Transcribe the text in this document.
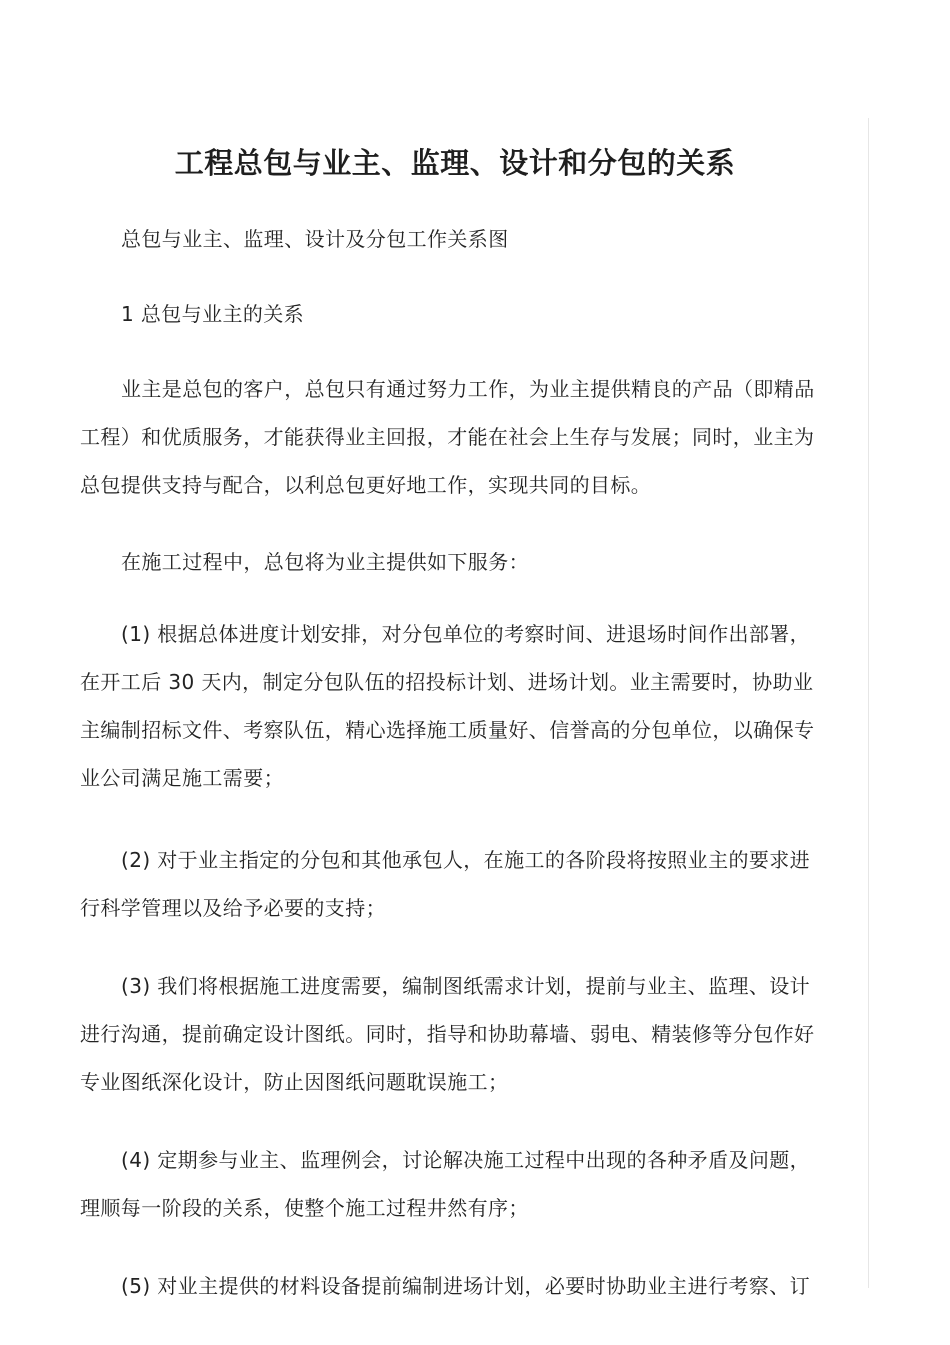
工程总包与业主、监理、设计和分包的关系

总包与业主、监理、设计及分包工作关系图

1 总包与业主的关系

业主是总包的客户，总包只有通过努力工作，为业主提供精良的产品（即精品工程）和优质服务，才能获得业主回报，才能在社会上生存与发展；同时，业主为总包提供支持与配合，以利总包更好地工作，实现共同的目标。

在施工过程中，总包将为业主提供如下服务：

(1) 根据总体进度计划安排，对分包单位的考察时间、进退场时间作出部署，在开工后 30 天内，制定分包队伍的招投标计划、进场计划。业主需要时，协助业主编制招标文件、考察队伍，精心选择施工质量好、信誉高的分包单位，以确保专业公司满足施工需要；

(2) 对于业主指定的分包和其他承包人，在施工的各阶段将按照业主的要求进行科学管理以及给予必要的支持；

(3) 我们将根据施工进度需要，编制图纸需求计划，提前与业主、监理、设计进行沟通，提前确定设计图纸。同时，指导和协助幕墙、弱电、精装修等分包作好专业图纸深化设计，防止因图纸问题耽误施工；

(4) 定期参与业主、监理例会，讨论解决施工过程中出现的各种矛盾及问题，理顺每一阶段的关系，使整个施工过程井然有序；

(5) 对业主提供的材料设备提前编制进场计划，必要时协助业主进行考察、订
